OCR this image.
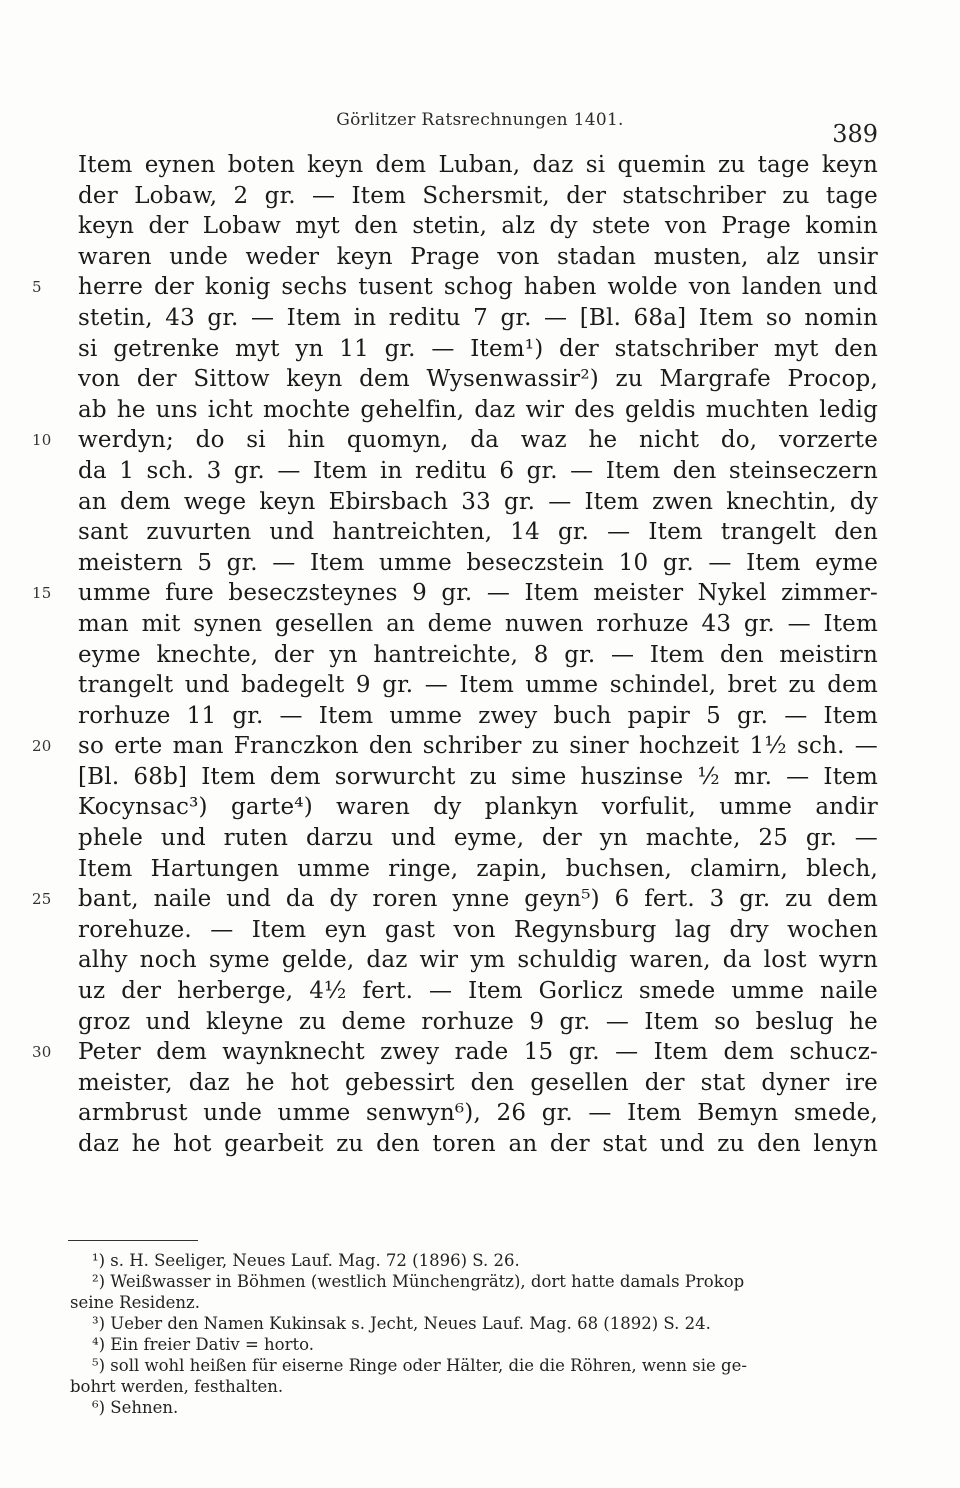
Görlitzer Ratsrechnungen 1401.	389
Item eynen boten keyn dem Luban, daz si quemin zu tage keyn
der Lobaw, 2 gr. — Item Schersmit, der statschriber zu tage
keyn der Lobaw myt den stetin, alz dy stete von Prage komin
waren unde weder keyn Prage von stadan musten, alz unsir
5	herre der konig sechs tusent schog haben wolde von landen und
stetin, 43 gr. — Item in reditu 7 gr. — [Bl. 68a] Item so nomin
si getrenke myt yn 11 gr. — Item¹) der statschriber myt den
von der Sittow keyn dem Wysenwassir²) zu Margrafe Procop,
ab he uns icht mochte gehelfin, daz wir des geldis muchten ledig
10	werdyn; do si hin quomyn, da waz he nicht do, vorzerte
da 1 sch. 3 gr. — Item in reditu 6 gr. — Item den steinseczern
an dem wege keyn Ebirsbach 33 gr. — Item zwen knechtin, dy
sant zuvurten und hantreichten, 14 gr. — Item trangelt den
meistern 5 gr. — Item umme beseczstein 10 gr. — Item eyme
15	umme fure beseczsteynes 9 gr. — Item meister Nykel zimmer-
man mit synen gesellen an deme nuwen rorhuze 43 gr. — Item
eyme knechte, der yn hantreichte, 8 gr. — Item den meistirn
trangelt und badegelt 9 gr. — Item umme schindel, bret zu dem
rorhuze 11 gr. — Item umme zwey buch papir 5 gr. — Item
20	so erte man Franczkon den schriber zu siner hochzeit 1½ sch. —
[Bl. 68b] Item dem sorwurcht zu sime huszinse ½ mr. — Item
Kocynsac³) garte⁴) waren dy plankyn vorfulit, umme andir
phele und ruten darzu und eyme, der yn machte, 25 gr. —
Item Hartungen umme ringe, zapin, buchsen, clamirn, blech,
25	bant, naile und da dy roren ynne geyn⁵) 6 fert. 3 gr. zu dem
rorehuze. — Item eyn gast von Regynsburg lag dry wochen
alhy noch syme gelde, daz wir ym schuldig waren, da lost wyrn
uz der herberge, 4½ fert. — Item Gorlicz smede umme naile
groz und kleyne zu deme rorhuze 9 gr. — Item so beslug he
30	Peter dem waynknecht zwey rade 15 gr. — Item dem schucz-
meister, daz he hot gebessirt den gesellen der stat dyner ire
armbrust unde umme senwyn⁶), 26 gr. — Item Bemyn smede,
daz he hot gearbeit zu den toren an der stat und zu den lenyn
¹) s. H. Seeliger, Neues Lauf. Mag. 72 (1896) S. 26.
²) Weißwasser in Böhmen (westlich Münchengrätz), dort hatte damals Prokop
seine Residenz.
³) Ueber den Namen Kukinsak s. Jecht, Neues Lauf. Mag. 68 (1892) S. 24.
⁴) Ein freier Dativ = horto.
⁵) soll wohl heißen für eiserne Ringe oder Hälter, die die Röhren, wenn sie ge-
bohrt werden, festhalten.
⁶) Sehnen.
